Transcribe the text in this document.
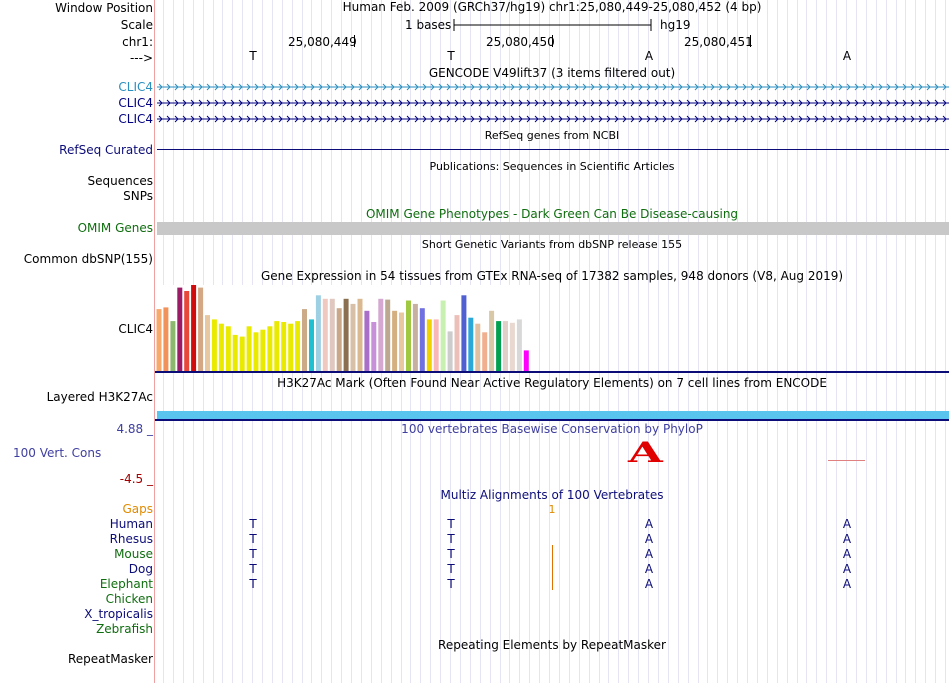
Window Position	Human Feb. 2009 (GRCh37/hg19) chr1:25,080,449-25,080,452 (4 bp)
Scale	1 bases	hg19
chr1:	25,080,449	25,080,450	25,080,451
--->	T	T	A	A
GENCODE V49lift37 (3 items filtered out)
CLIC4
CLIC4
CLIC4
RefSeq genes from NCBI
RefSeq Curated
Publications: Sequences in Scientific Articles
Sequences
SNPs
OMIM Gene Phenotypes - Dark Green Can Be Disease-causing
OMIM Genes
Short Genetic Variants from dbSNP release 155
Common dbSNP(155)
Gene Expression in 54 tissues from GTEx RNA-seq of 17382 samples, 948 donors (V8, Aug 2019)
CLIC4
H3K27Ac Mark (Often Found Near Active Regulatory Elements) on 7 cell lines from ENCODE
Layered H3K27Ac
4.88 _	100 vertebrates Basewise Conservation by PhyloP
100 Vert. Cons	A
-4.5 _
Multiz Alignments of 100 Vertebrates
Gaps	1
Human	T	T	A	A
Rhesus	T	T	A	A
Mouse	T	T	A	A
Dog	T	T	A	A
Elephant	T	T	A	A
Chicken
X_tropicalis
Zebrafish
Repeating Elements by RepeatMasker
RepeatMasker
